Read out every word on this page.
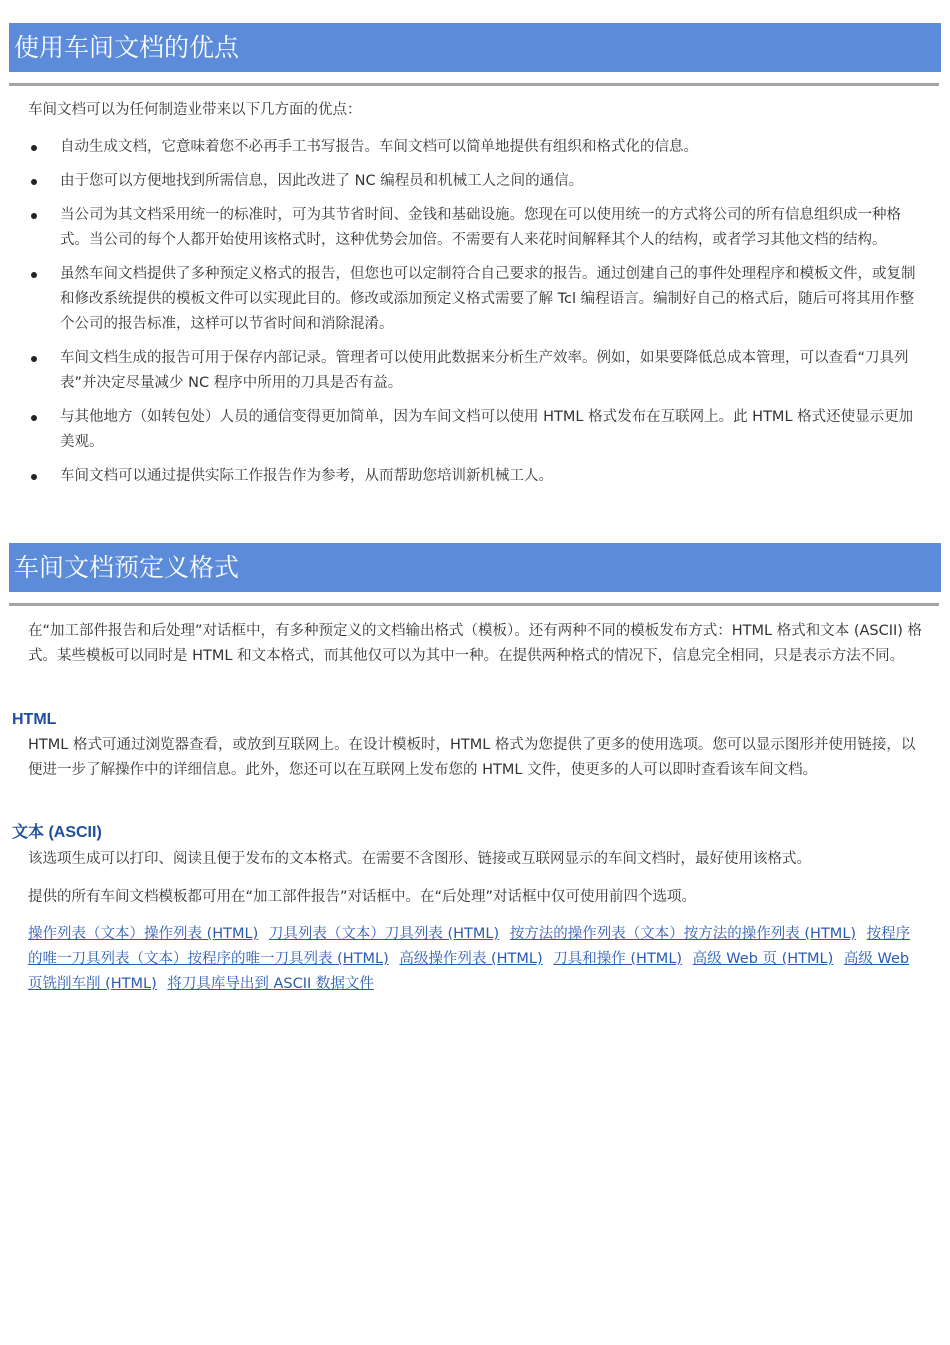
使用车间文档的优点

车间文档可以为任何制造业带来以下几方面的优点：

自动生成文档，它意味着您不必再手工书写报告。车间文档可以简单地提供有组织和格式化的信息。
由于您可以方便地找到所需信息，因此改进了 NC 编程员和机械工人之间的通信。
当公司为其文档采用统一的标准时，可为其节省时间、金钱和基础设施。您现在可以使用统一的方式将公司的所有信息组织成一种格式。当公司的每个人都开始使用该格式时，这种优势会加倍。不需要有人来花时间解释其个人的结构，或者学习其他文档的结构。
虽然车间文档提供了多种预定义格式的报告，但您也可以定制符合自己要求的报告。通过创建自己的事件处理程序和模板文件，或复制和修改系统提供的模板文件可以实现此目的。修改或添加预定义格式需要了解 Tcl 编程语言。编制好自己的格式后，随后可将其用作整个公司的报告标准，这样可以节省时间和消除混淆。
车间文档生成的报告可用于保存内部记录。管理者可以使用此数据来分析生产效率。例如，如果要降低总成本管理，可以查看“刀具列表”并决定尽量减少 NC 程序中所用的刀具是否有益。
与其他地方（如转包处）人员的通信变得更加简单，因为车间文档可以使用 HTML 格式发布在互联网上。此 HTML 格式还使显示更加美观。
车间文档可以通过提供实际工作报告作为参考，从而帮助您培训新机械工人。
车间文档预定义格式

在“加工部件报告和后处理”对话框中，有多种预定义的文档输出格式（模板）。还有两种不同的模板发布方式：HTML 格式和文本 (ASCII) 格式。某些模板可以同时是 HTML 和文本格式，而其他仅可以为其中一种。在提供两种格式的情况下，信息完全相同，只是表示方法不同。

HTML

HTML 格式可通过浏览器查看，或放到互联网上。在设计模板时，HTML 格式为您提供了更多的使用选项。您可以显示图形并使用链接，以便进一步了解操作中的详细信息。此外，您还可以在互联网上发布您的 HTML 文件，使更多的人可以即时查看该车间文档。

文本 (ASCII)

该选项生成可以打印、阅读且便于发布的文本格式。在需要不含图形、链接或互联网显示的车间文档时，最好使用该格式。

提供的所有车间文档模板都可用在“加工部件报告”对话框中。在“后处理”对话框中仅可使用前四个选项。

操作列表（文本）操作列表 (HTML) 刀具列表（文本）刀具列表 (HTML) 按方法的操作列表（文本）按方法的操作列表 (HTML) 按程序的唯一刀具列表（文本）按程序的唯一刀具列表 (HTML) 高级操作列表 (HTML) 刀具和操作 (HTML) 高级 Web 页 (HTML) 高级 Web 页铣削车削 (HTML) 将刀具库导出到 ASCII 数据文件
